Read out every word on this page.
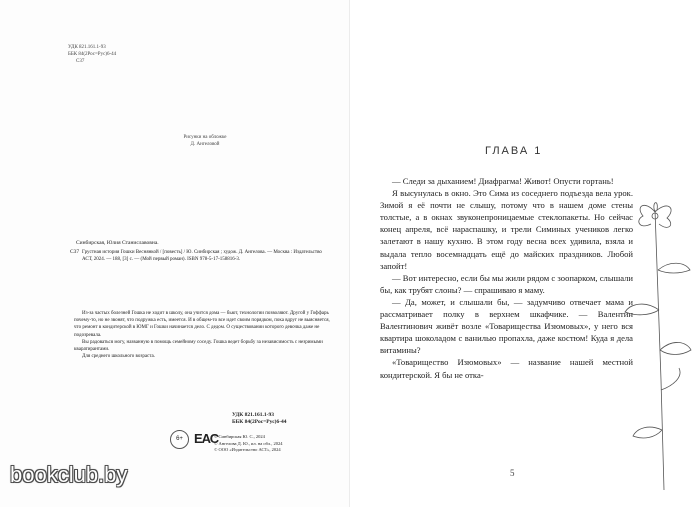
УДК 821.161.1-93
ББК 84(2Рос=Рус)6-44
С37
Рисунки на обложке
Д. Ангеловой
Синбирская, Юлия Станиславовна.
С37 Грустная история Гошки Веснянкой / [повесть] / Ю. Синбирская ; худож. Д. Ангелова. — Москва : Издательство АСТ, 2024. — 188, [3] с. — (Мой первый роман). ISBN 978-5-17-158816-3.
Из-за частых болезней Гошка не ходит в школу, она учится дома — бьют, технологии позволяют. Другой у Гоффарь почему-то, но не звонят, что подружка есть, имеется. И в общем-то все идет своим порядком, пока вдруг не выясняется, что ремонт в кондитерской в ЮМГ и Гошки начинается дело. С дедом. О существовании которого девочка даже не подозревала.
Вы радоваться могу, названную в помощь семейному соседу. Гошка ведет борьбу за независимость с незримыми кваратирантами.
Для среднего школьного возраста.
УДК 821.161.1-93
ББК 84(2Рос=Рус)6-44
6+ ЕАС
© Синбирская Ю. С., 2024
© Ангелова Д. Ю., ил. на обл., 2024
© ООО «Издательство АСТ», 2024
ГЛАВА 1

— Следи за дыханием! Диафрагма! Живот! Опусти гортань!

Я высунулась в окно. Это Сима из соседнего подъезда вела урок. Зимой я её почти не слышу, потому что в нашем доме стены толстые, а в окнах звуконепроницаемые стеклопакеты. Но сейчас конец апреля, всё нараспашку, и трели Симиных учеников легко залетают в нашу кухню. В этом году весна всех удивила, взяла и выдала тепло восемнадцать ещё до майских праздников. Любой запойт!

— Вот интересно, если бы мы жили рядом с зоопарком, слышали бы, как трубят слоны? — спрашиваю я маму.

— Да, может, и слышали бы, — задумчиво отвечает мама и рассматривает полку в верхнем шкафчике. — Валентин Валентинович живёт возле «Товарищества Изюмовых», у него вся квартира шоколадом с ванилью пропахла, даже костюм! Куда я дела витамины?

«Товарищество Изюмовых» — название нашей местной кондитерской. Я бы не отка-

5
bookclub.by
